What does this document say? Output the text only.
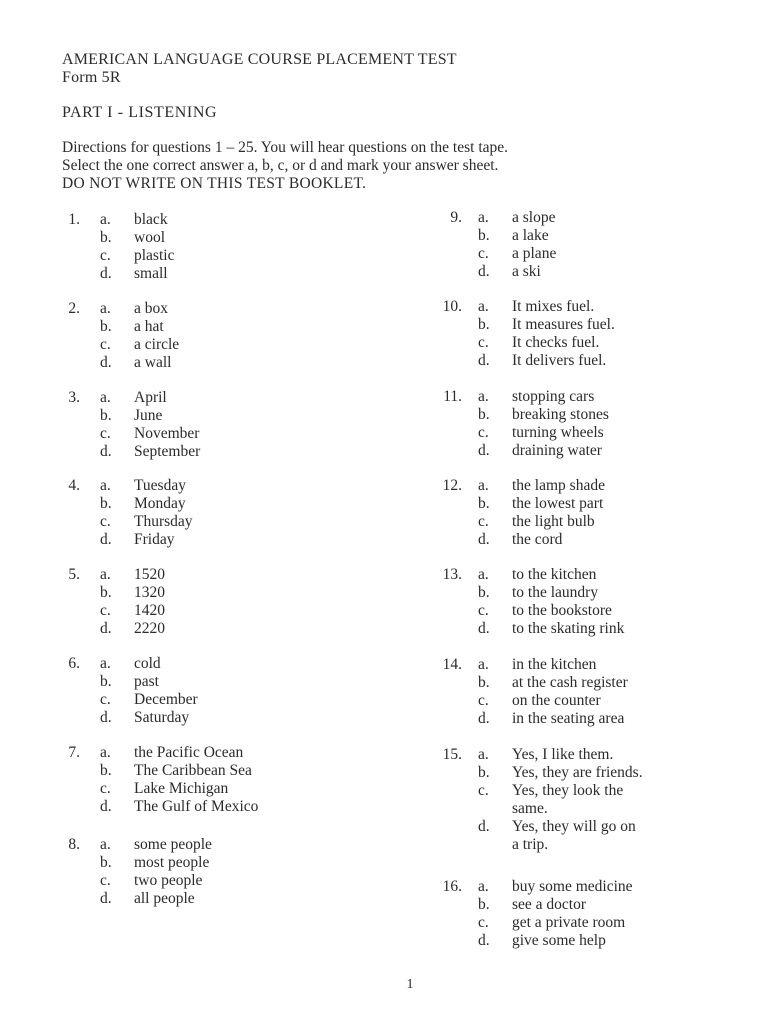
AMERICAN LANGUAGE COURSE PLACEMENT TEST
Form 5R
PART I - LISTENING
Directions for questions 1 – 25. You will hear questions on the test tape.
Select the one correct answer a, b, c, or d and mark your answer sheet.
DO NOT WRITE ON THIS TEST BOOKLET.
1. a.	black
b.	wool
c.	plastic
d.	small
2. a.	a box
b.	a hat
c.	a circle
d.	a wall
3. a.	April
b.	June
c.	November
d.	September
4. a.	Tuesday
b.	Monday
c.	Thursday
d.	Friday
5. a.	1520
b.	1320
c.	1420
d.	2220
6. a.	cold
b.	past
c.	December
d.	Saturday
7. a.	the Pacific Ocean
b.	The Caribbean Sea
c.	Lake Michigan
d.	The Gulf of Mexico
8. a.	some people
b.	most people
c.	two people
d.	all people
9. a.	a slope
b.	a lake
c.	a plane
d.	a ski
10. a.	It mixes fuel.
b.	It measures fuel.
c.	It checks fuel.
d.	It delivers fuel.
11. a.	stopping cars
b.	breaking stones
c.	turning wheels
d.	draining water
12. a.	the lamp shade
b.	the lowest part
c.	the light bulb
d.	the cord
13. a.	to the kitchen
b.	to the laundry
c.	to the bookstore
d.	to the skating rink
14. a.	in the kitchen
b.	at the cash register
c.	on the counter
d.	in the seating area
15. a.	Yes, I like them.
b.	Yes, they are friends.
c.	Yes, they look the
same.
d.	Yes, they will go on
a trip.
16. a.	buy some medicine
b.	see a doctor
c.	get a private room
d.	give some help
1
